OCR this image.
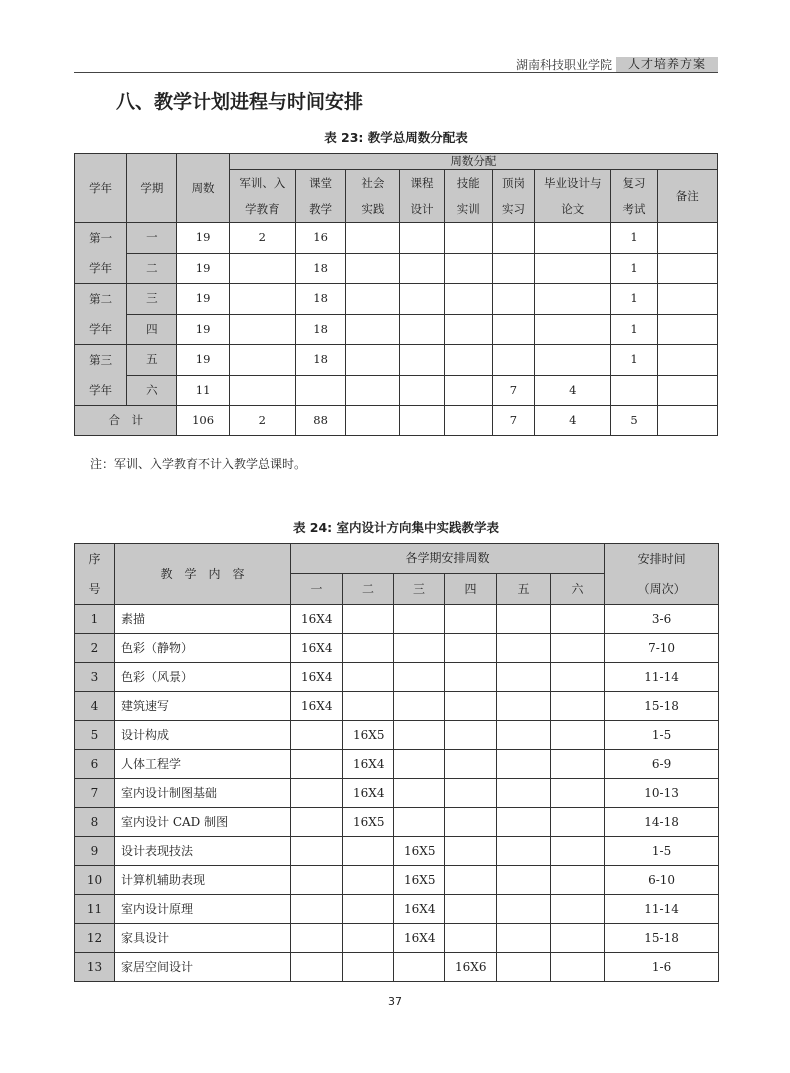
湖南科技职业学院	人才培养方案
八、教学计划进程与时间安排
表 23: 教学总周数分配表
学年	学期	周数	周数分配								

			军训、入学教育	课堂教学	社会实践	课程设计	技能实训	顶岗实习	毕业设计与论文	复习考试	备注

第一学年	一	19	2	16						1	
	二	19		18						1	

第二学年	三	19		18						1	
	四	19		18						1	

第三学年	五	19		18						1	
	六	11						7	4		
合　计		106	2	88				7	4	5	
注：军训、入学教育不计入教学总课时。
表 24: 室内设计方向集中实践教学表
序号	教　学　内　容	各学期安排周数						安排时间（周次）

		一	二	三	四	五	六	
1	素描	16X4						3-6
2	色彩（静物）	16X4						7-10
3	色彩（风景）	16X4						11-14
4	建筑速写	16X4						15-18
5	设计构成		16X5					1-5
6	人体工程学		16X4					6-9
7	室内设计制图基础		16X4					10-13
8	室内设计 CAD 制图		16X5					14-18
9	设计表现技法			16X5				1-5
10	计算机辅助表现			16X5				6-10
11	室内设计原理			16X4				11-14
12	家具设计			16X4				15-18
13	家居空间设计				16X6			1-6
37
